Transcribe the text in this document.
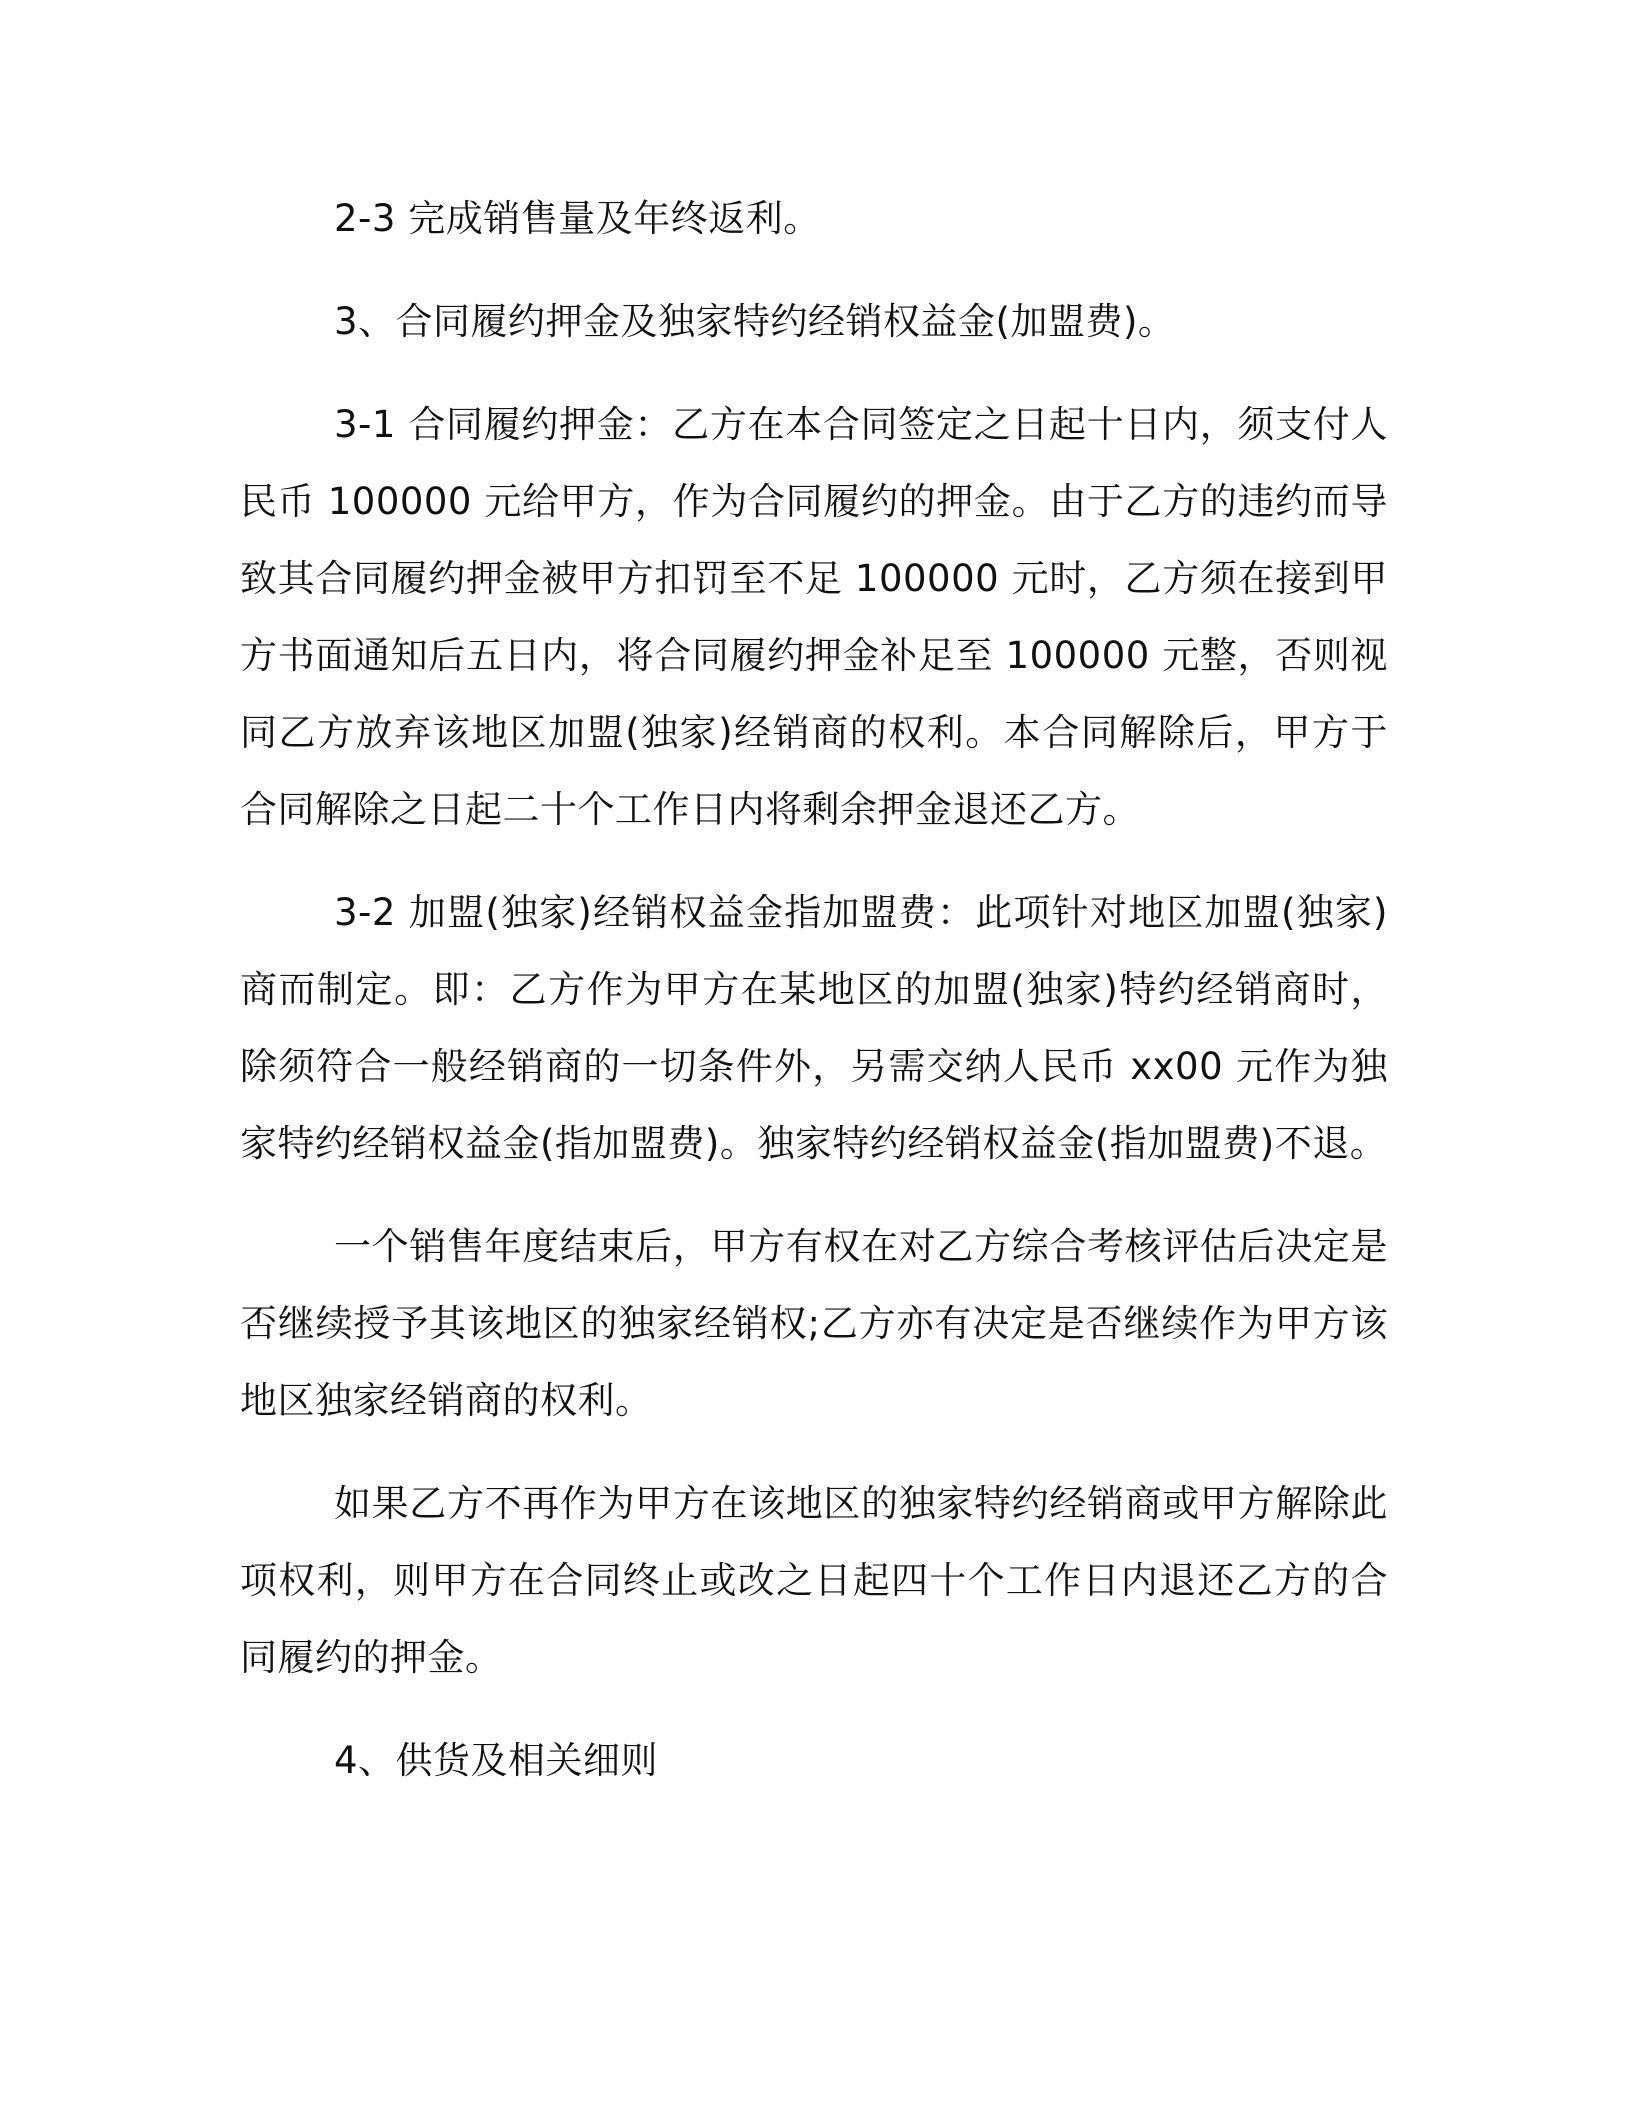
2-3 完成销售量及年终返利。

3、合同履约押金及独家特约经销权益金(加盟费)。

3-1 合同履约押金：乙方在本合同签定之日起十日内，须支付人民币 100000 元给甲方，作为合同履约的押金。由于乙方的违约而导致其合同履约押金被甲方扣罚至不足 100000 元时，乙方须在接到甲方书面通知后五日内，将合同履约押金补足至 100000 元整，否则视同乙方放弃该地区加盟(独家)经销商的权利。本合同解除后，甲方于合同解除之日起二十个工作日内将剩余押金退还乙方。

3-2 加盟(独家)经销权益金指加盟费：此项针对地区加盟(独家)商而制定。即：乙方作为甲方在某地区的加盟(独家)特约经销商时，除须符合一般经销商的一切条件外，另需交纳人民币 xx00 元作为独家特约经销权益金(指加盟费)。独家特约经销权益金(指加盟费)不退。

一个销售年度结束后，甲方有权在对乙方综合考核评估后决定是否继续授予其该地区的独家经销权;乙方亦有决定是否继续作为甲方该地区独家经销商的权利。

如果乙方不再作为甲方在该地区的独家特约经销商或甲方解除此项权利，则甲方在合同终止或改之日起四十个工作日内退还乙方的合同履约的押金。

4、供货及相关细则
